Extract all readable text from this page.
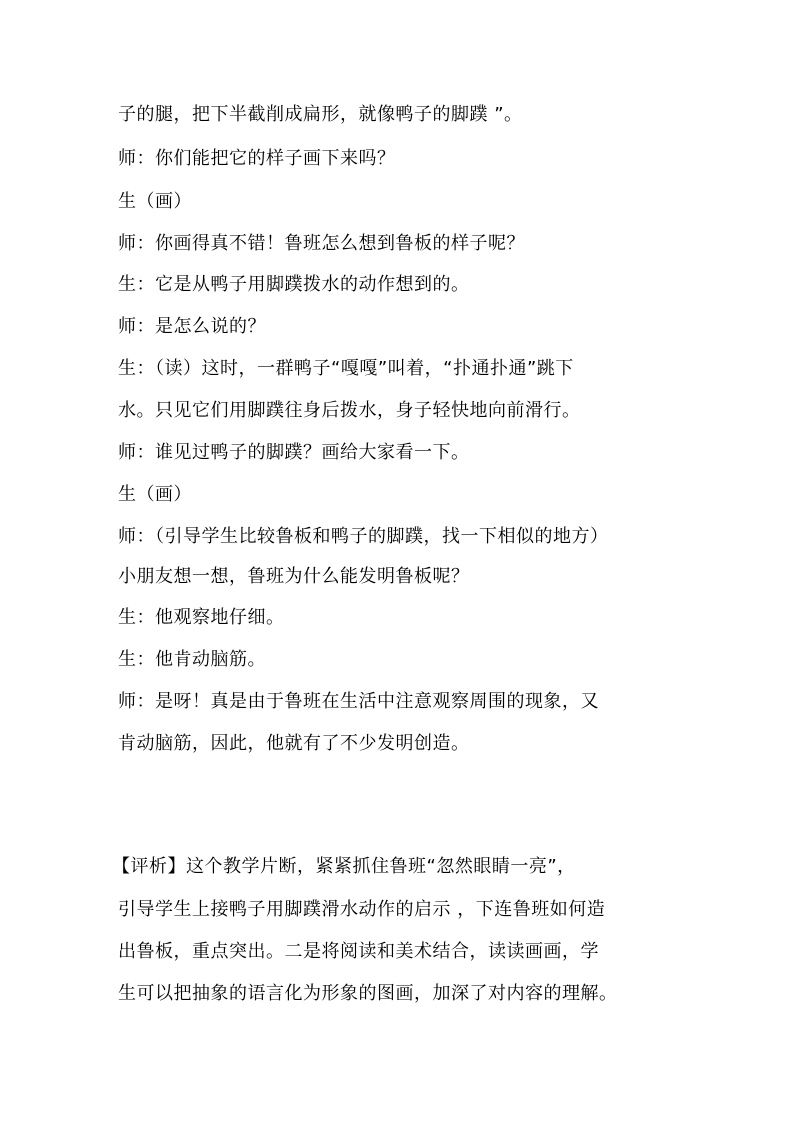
子的腿，把下半截削成扁形，就像鸭子的脚蹼 ”。
师：你们能把它的样子画下来吗？
生（画）
师：你画得真不错！鲁班怎么想到鲁板的样子呢？
生：它是从鸭子用脚蹼拨水的动作想到的。
师：是怎么说的？
生：（读）这时，一群鸭子“嘎嘎”叫着，“扑通扑通”跳下
水。只见它们用脚蹼往身后拨水，身子轻快地向前滑行。
师：谁见过鸭子的脚蹼？画给大家看一下。
生（画）
师：（引导学生比较鲁板和鸭子的脚蹼，找一下相似的地方）
小朋友想一想，鲁班为什么能发明鲁板呢？
生：他观察地仔细。
生：他肯动脑筋。
师：是呀！真是由于鲁班在生活中注意观察周围的现象，又
肯动脑筋，因此，他就有了不少发明创造。
【评析】这个教学片断，紧紧抓住鲁班“忽然眼睛一亮”，
引导学生上接鸭子用脚蹼滑水动作的启示 ，下连鲁班如何造
出鲁板，重点突出。二是将阅读和美术结合，读读画画，学
生可以把抽象的语言化为形象的图画，加深了对内容的理解。
